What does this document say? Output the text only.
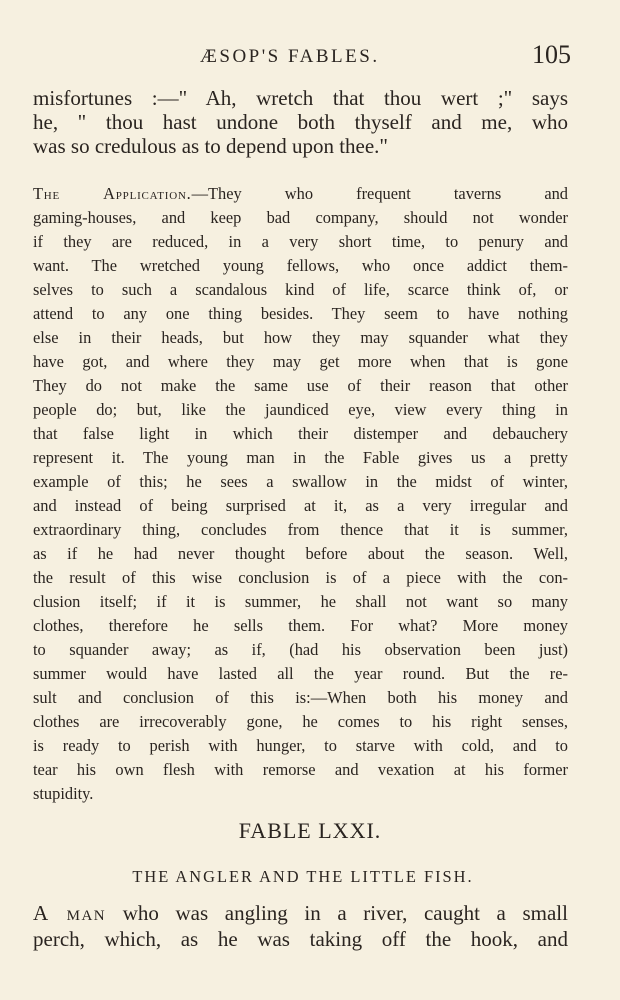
ÆSOP'S FABLES.	105
misfortunes :—" Ah, wretch that thou wert ;" says
he, " thou hast undone both thyself and me, who
was so credulous as to depend upon thee."
The Application.—They who frequent taverns and
gaming-houses, and keep bad company, should not wonder
if they are reduced, in a very short time, to penury and
want. The wretched young fellows, who once addict them-
selves to such a scandalous kind of life, scarce think of, or
attend to any one thing besides. They seem to have nothing
else in their heads, but how they may squander what they
have got, and where they may get more when that is gone
They do not make the same use of their reason that other
people do; but, like the jaundiced eye, view every thing in
that false light in which their distemper and debauchery
represent it. The young man in the Fable gives us a pretty
example of this; he sees a swallow in the midst of winter,
and instead of being surprised at it, as a very irregular and
extraordinary thing, concludes from thence that it is summer,
as if he had never thought before about the season. Well,
the result of this wise conclusion is of a piece with the con-
clusion itself; if it is summer, he shall not want so many
clothes, therefore he sells them. For what? More money
to squander away; as if, (had his observation been just)
summer would have lasted all the year round. But the re-
sult and conclusion of this is:—When both his money and
clothes are irrecoverably gone, he comes to his right senses,
is ready to perish with hunger, to starve with cold, and to
tear his own flesh with remorse and vexation at his former
stupidity.
FABLE LXXI.
THE ANGLER AND THE LITTLE FISH.
A man who was angling in a river, caught a small
perch, which, as he was taking off the hook, and
